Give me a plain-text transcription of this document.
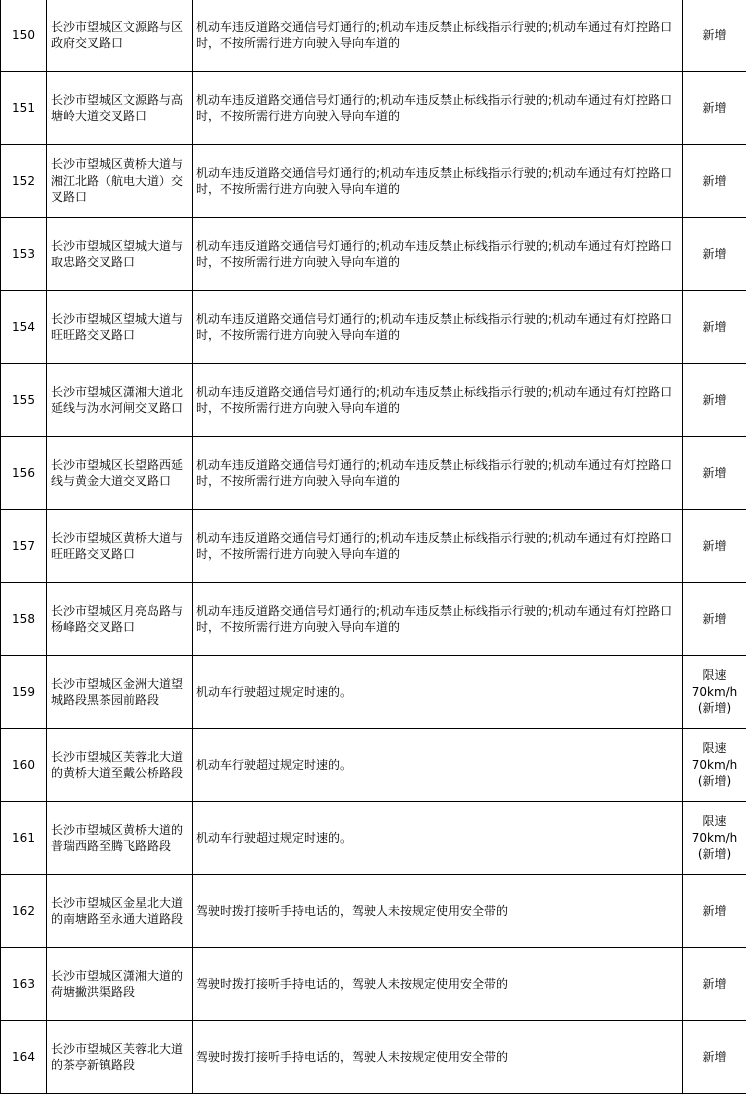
150	长沙市望城区文源路与区政府交叉路口	机动车违反道路交通信号灯通行的;机动车违反禁止标线指示行驶的;机动车通过有灯控路口时，不按所需行进方向驶入导向车道的	新增
151	长沙市望城区文源路与高塘岭大道交叉路口	机动车违反道路交通信号灯通行的;机动车违反禁止标线指示行驶的;机动车通过有灯控路口时，不按所需行进方向驶入导向车道的	新增
152	长沙市望城区黄桥大道与湘江北路（航电大道）交叉路口	机动车违反道路交通信号灯通行的;机动车违反禁止标线指示行驶的;机动车通过有灯控路口时，不按所需行进方向驶入导向车道的	新增
153	长沙市望城区望城大道与取忠路交叉路口	机动车违反道路交通信号灯通行的;机动车违反禁止标线指示行驶的;机动车通过有灯控路口时，不按所需行进方向驶入导向车道的	新增
154	长沙市望城区望城大道与旺旺路交叉路口	机动车违反道路交通信号灯通行的;机动车违反禁止标线指示行驶的;机动车通过有灯控路口时，不按所需行进方向驶入导向车道的	新增
155	长沙市望城区潇湘大道北延线与沩水河闸交叉路口	机动车违反道路交通信号灯通行的;机动车违反禁止标线指示行驶的;机动车通过有灯控路口时，不按所需行进方向驶入导向车道的	新增
156	长沙市望城区长望路西延线与黄金大道交叉路口	机动车违反道路交通信号灯通行的;机动车违反禁止标线指示行驶的;机动车通过有灯控路口时，不按所需行进方向驶入导向车道的	新增
157	长沙市望城区黄桥大道与旺旺路交叉路口	机动车违反道路交通信号灯通行的;机动车违反禁止标线指示行驶的;机动车通过有灯控路口时，不按所需行进方向驶入导向车道的	新增
158	长沙市望城区月亮岛路与杨峰路交叉路口	机动车违反道路交通信号灯通行的;机动车违反禁止标线指示行驶的;机动车通过有灯控路口时，不按所需行进方向驶入导向车道的	新增
159	长沙市望城区金洲大道望城路段黑茶园前路段	机动车行驶超过规定时速的。	限速
70km/h
(新增)
160	长沙市望城区芙蓉北大道的黄桥大道至戴公桥路段	机动车行驶超过规定时速的。	限速
70km/h
(新增)
161	长沙市望城区黄桥大道的普瑞西路至腾飞路路段	机动车行驶超过规定时速的。	限速
70km/h
(新增)
162	长沙市望城区金星北大道的南塘路至永通大道路段	驾驶时拨打接听手持电话的，驾驶人未按规定使用安全带的	新增
163	长沙市望城区潇湘大道的荷塘撇洪渠路段	驾驶时拨打接听手持电话的，驾驶人未按规定使用安全带的	新增
164	长沙市望城区芙蓉北大道的茶亭新镇路段	驾驶时拨打接听手持电话的，驾驶人未按规定使用安全带的	新增
